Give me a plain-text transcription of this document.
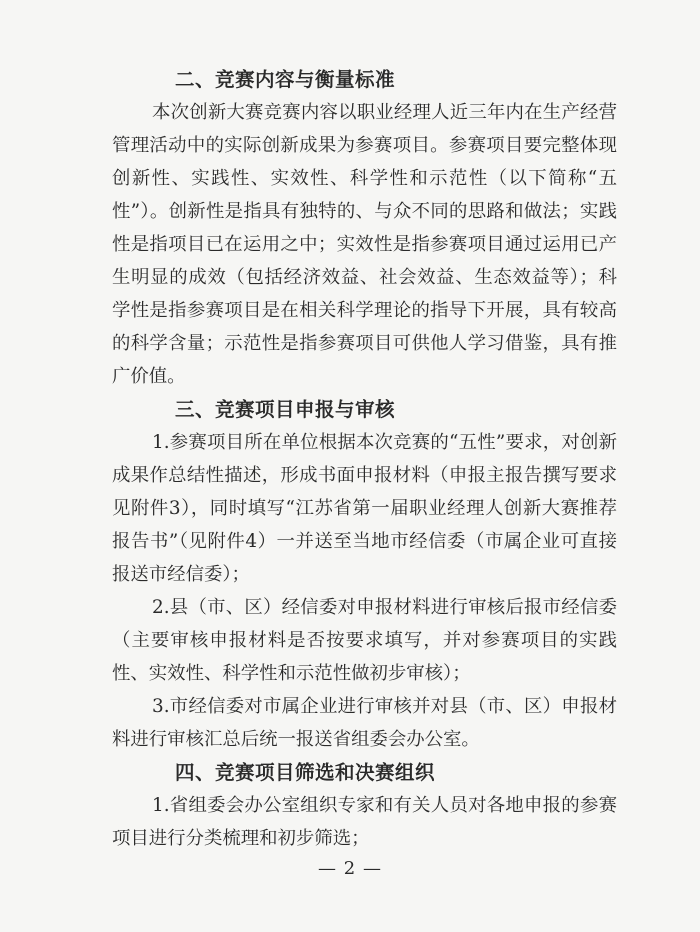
二、竞赛内容与衡量标准

本次创新大赛竞赛内容以职业经理人近三年内在生产经营管理活动中的实际创新成果为参赛项目。参赛项目要完整体现创新性、实践性、实效性、科学性和示范性（以下简称“五性”）。创新性是指具有独特的、与众不同的思路和做法；实践性是指项目已在运用之中；实效性是指参赛项目通过运用已产生明显的成效（包括经济效益、社会效益、生态效益等）；科学性是指参赛项目是在相关科学理论的指导下开展，具有较高的科学含量；示范性是指参赛项目可供他人学习借鉴，具有推广价值。

三、竞赛项目申报与审核

1.参赛项目所在单位根据本次竞赛的“五性”要求，对创新成果作总结性描述，形成书面申报材料（申报主报告撰写要求见附件3），同时填写“江苏省第一届职业经理人创新大赛推荐报告书”（见附件4）一并送至当地市经信委（市属企业可直接报送市经信委）；

2.县（市、区）经信委对申报材料进行审核后报市经信委（主要审核申报材料是否按要求填写，并对参赛项目的实践性、实效性、科学性和示范性做初步审核）；

3.市经信委对市属企业进行审核并对县（市、区）申报材料进行审核汇总后统一报送省组委会办公室。

四、竞赛项目筛选和决赛组织

1.省组委会办公室组织专家和有关人员对各地申报的参赛项目进行分类梳理和初步筛选；

— 2 —
